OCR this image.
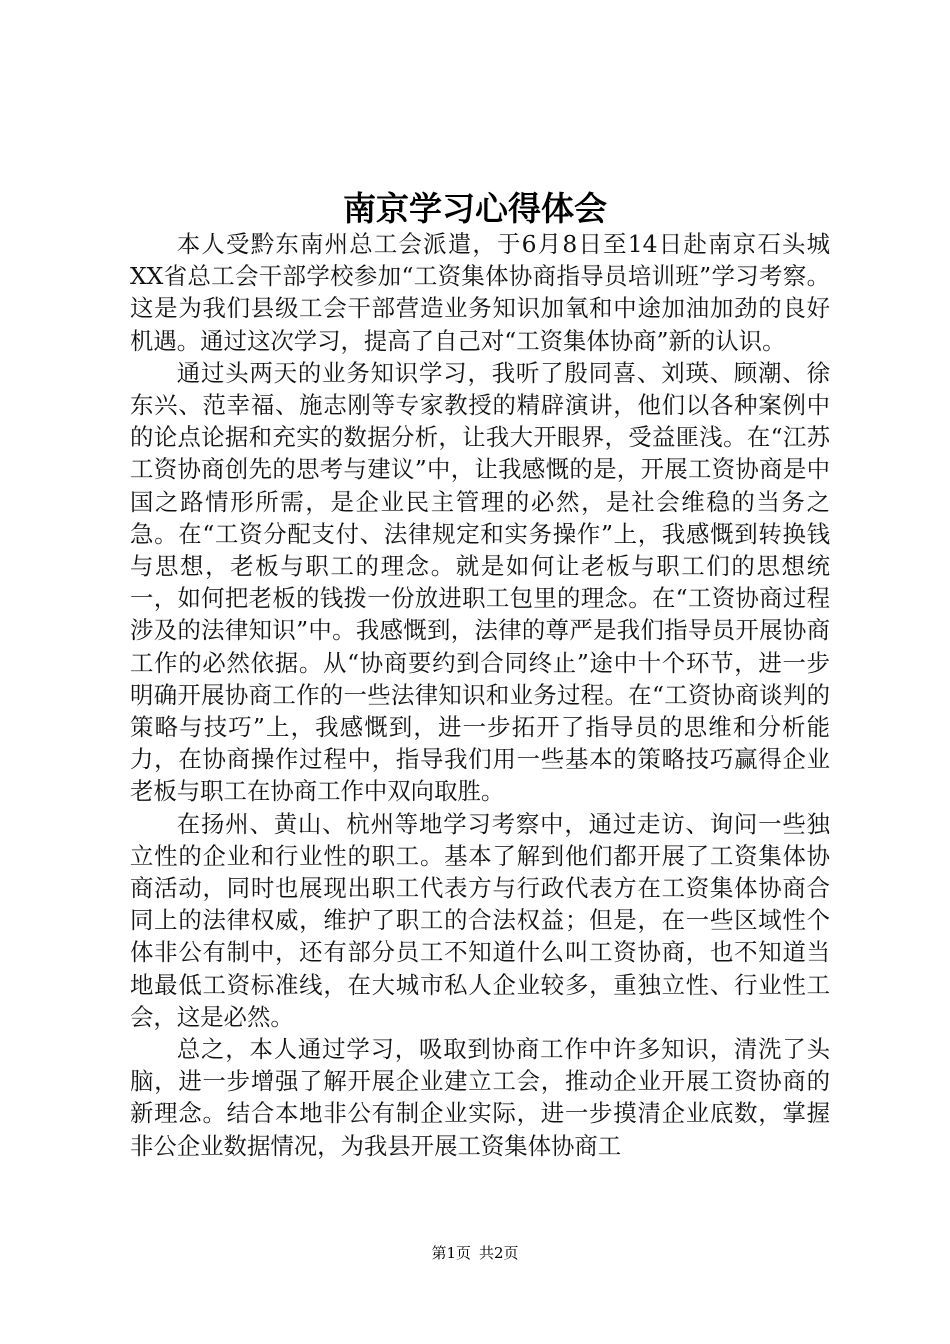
南京学习心得体会

本人受黔东南州总工会派遣，于6月8日至14日赴南京石头城XX省总工会干部学校参加“工资集体协商指导员培训班”学习考察。这是为我们县级工会干部营造业务知识加氧和中途加油加劲的良好机遇。通过这次学习，提高了自己对“工资集体协商”新的认识。

通过头两天的业务知识学习，我听了殷同喜、刘瑛、顾潮、徐东兴、范幸福、施志刚等专家教授的精辟演讲，他们以各种案例中的论点论据和充实的数据分析，让我大开眼界，受益匪浅。在“江苏工资协商创先的思考与建议”中，让我感慨的是，开展工资协商是中国之路情形所需，是企业民主管理的必然，是社会维稳的当务之急。在“工资分配支付、法律规定和实务操作”上，我感慨到转换钱与思想，老板与职工的理念。就是如何让老板与职工们的思想统一，如何把老板的钱拨一份放进职工包里的理念。在“工资协商过程涉及的法律知识”中。我感慨到，法律的尊严是我们指导员开展协商工作的必然依据。从“协商要约到合同终止”途中十个环节，进一步明确开展协商工作的一些法律知识和业务过程。在“工资协商谈判的策略与技巧”上，我感慨到，进一步拓开了指导员的思维和分析能力，在协商操作过程中，指导我们用一些基本的策略技巧赢得企业老板与职工在协商工作中双向取胜。

在扬州、黄山、杭州等地学习考察中，通过走访、询问一些独立性的企业和行业性的职工。基本了解到他们都开展了工资集体协商活动，同时也展现出职工代表方与行政代表方在工资集体协商合同上的法律权威，维护了职工的合法权益；但是，在一些区域性个体非公有制中，还有部分员工不知道什么叫工资协商，也不知道当地最低工资标准线，在大城市私人企业较多，重独立性、行业性工会，这是必然。

总之，本人通过学习，吸取到协商工作中许多知识，清洗了头脑，进一步增强了解开展企业建立工会，推动企业开展工资协商的新理念。结合本地非公有制企业实际，进一步摸清企业底数，掌握非公企业数据情况，为我县开展工资集体协商工

第1页 共2页
